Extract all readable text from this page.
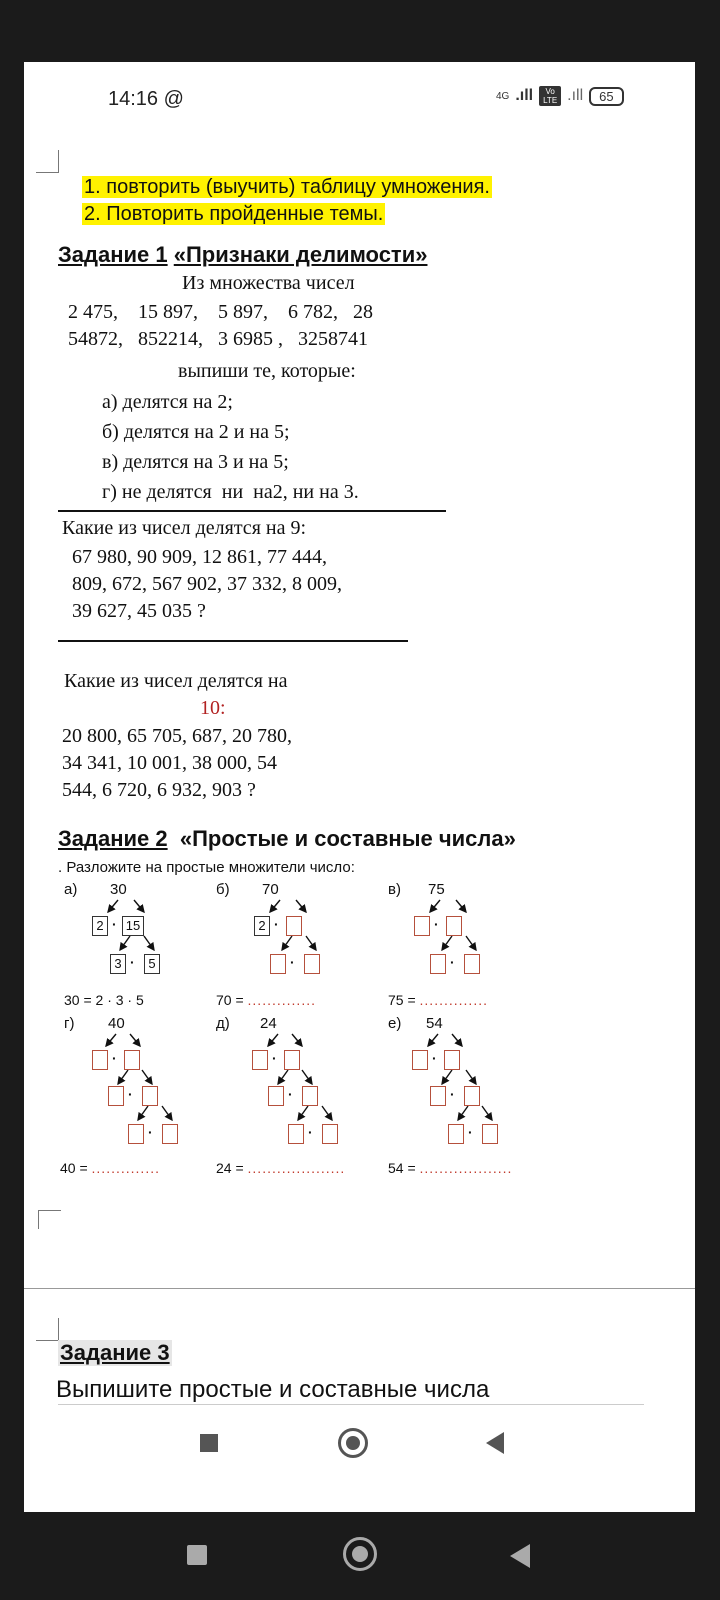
14:16 @	4G .ıll	Vo LTE .ıll	65
1. повторить (выучить) таблицу умножения.
2. Повторить пройденные темы.
Задание 1 «Признаки делимости»
Из множества чисел
2 475,    15 897,    5 897,    6 782,   28
54872,   852214,   3 6985 ,   3258741
выпиши те, которые:
а) делятся на 2;
б) делятся на 2 и на 5;
в) делятся на 3 и на 5;
г) не делятся  ни  на2, ни на 3.
Какие из чисел делятся на 9:
67 980, 90 909, 12 861, 77 444,
809, 672, 567 902, 37 332, 8 009,
39 627, 45 035 ?
Какие из чисел делятся на
10:
20 800, 65 705, 687, 20 780,
34 341, 10 001, 38 000, 54
544, 6 720, 6 932, 903 ?
Задание 2 «Простые и составные числа»
. Разложите на простые множители число:
а) 30	б) 70	в) 75
2 · 15
3 ·	5
2 ·
·
·
·
30 = 2 · 3 · 5	70 = ..............	75 = ..............
г) 40	д) 24	е) 54
·
·
·
·
·
·
·
·
·
40 = ..............	24 = ....................	54 = ...................
Задание 3
Выпишите простые и составные числа
